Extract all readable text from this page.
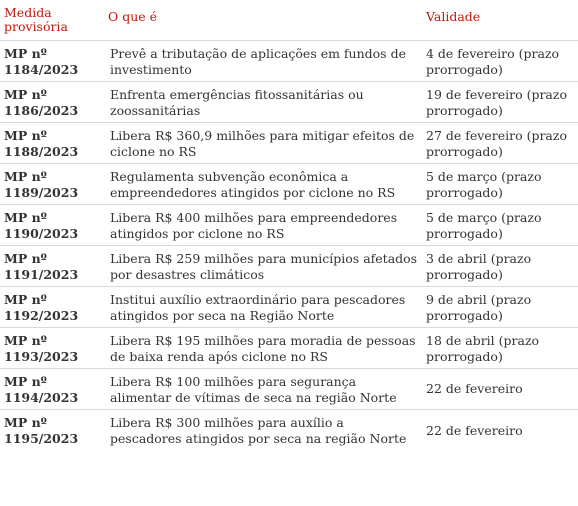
Medida provisória	O que é	Validade
MP nº 1184/2023	Prevê a tributação de aplicações em fundos de investimento	4 de fevereiro (prazo prorrogado)
MP nº 1186/2023	Enfrenta emergências fitossanitárias ou zoossanitárias	19 de fevereiro (prazo prorrogado)
MP nº 1188/2023	Libera R$ 360,9 milhões para mitigar efeitos de ciclone no RS	27 de fevereiro (prazo prorrogado)
MP nº 1189/2023	Regulamenta subvenção econômica a empreendedores atingidos por ciclone no RS	5 de março (prazo prorrogado)
MP nº 1190/2023	Libera R$ 400 milhões para empreendedores atingidos por ciclone no RS	5 de março (prazo prorrogado)
MP nº 1191/2023	Libera R$ 259 milhões para municípios afetados por desastres climáticos	3 de abril (prazo prorrogado)
MP nº 1192/2023	Institui auxílio extraordinário para pescadores atingidos por seca na Região Norte	9 de abril (prazo prorrogado)
MP nº 1193/2023	Libera R$ 195 milhões para moradia de pessoas de baixa renda após ciclone no RS	18 de abril (prazo prorrogado)
MP nº 1194/2023	Libera R$ 100 milhões para segurança alimentar de vítimas de seca na região Norte	22 de fevereiro
MP nº 1195/2023	Libera R$ 300 milhões para auxílio a pescadores atingidos por seca na região Norte	22 de fevereiro
